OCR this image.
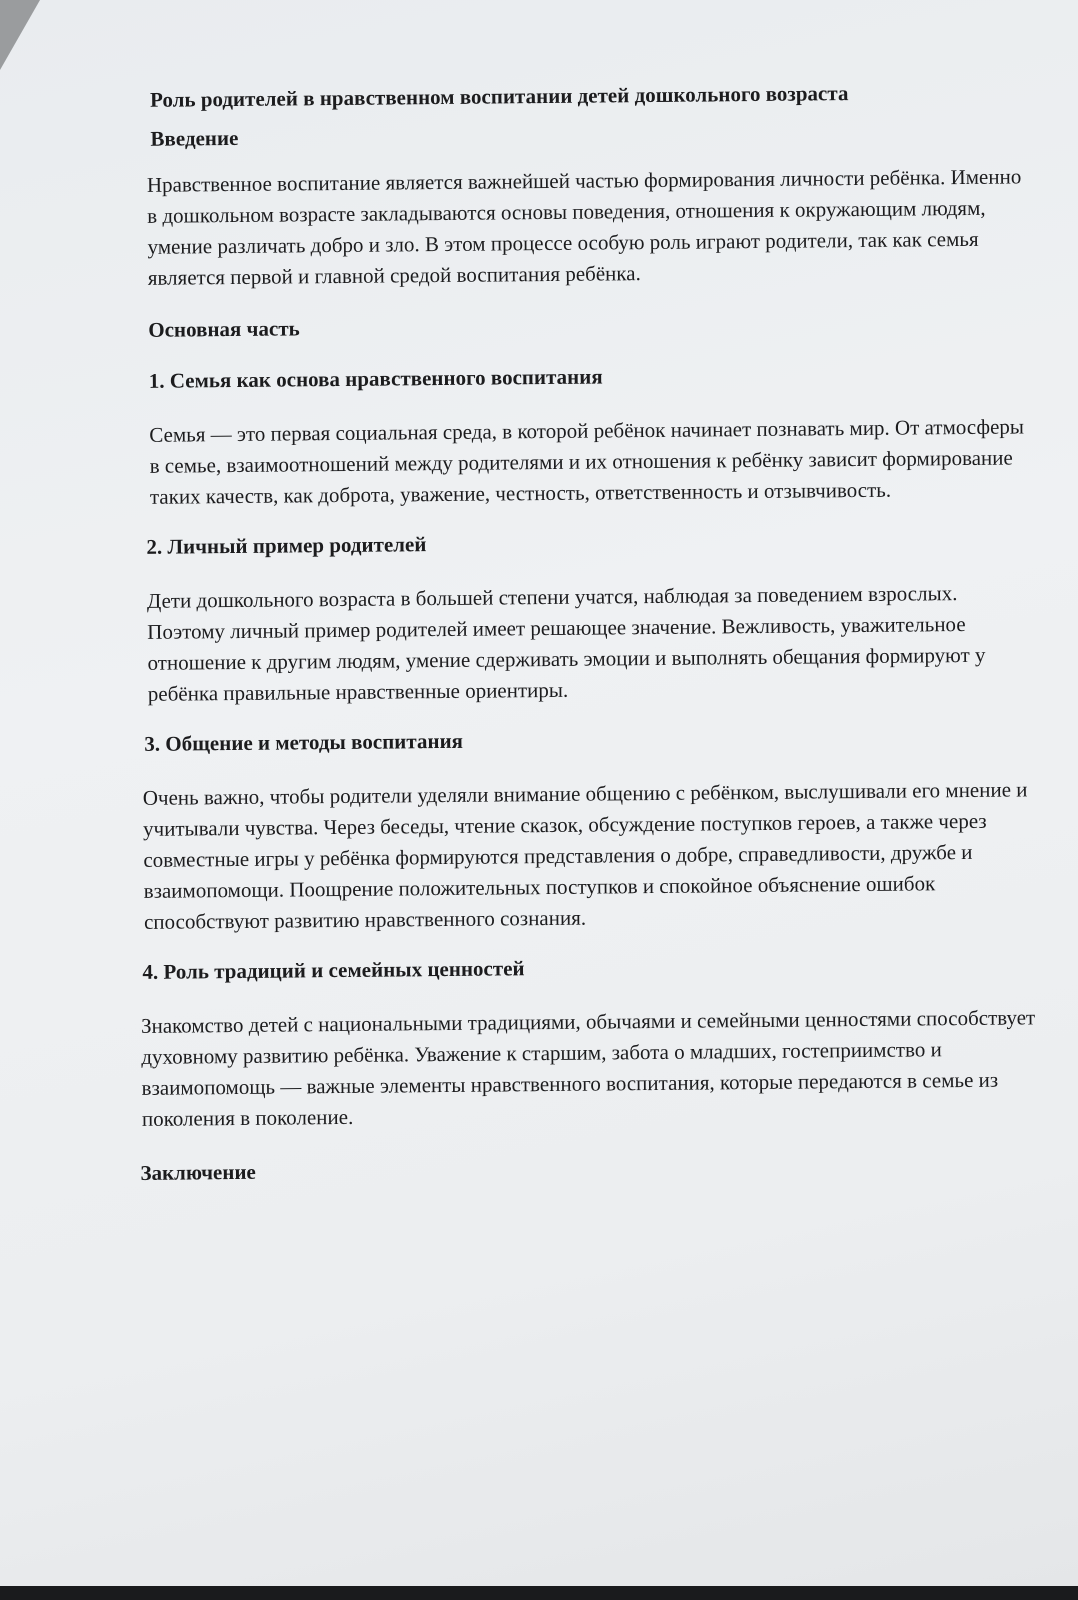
Роль родителей в нравственном воспитании детей дошкольного возраста
Введение

Нравственное воспитание является важнейшей частью формирования личности ребёнка. Именно в дошкольном возрасте закладываются основы поведения, отношения к окружающим людям, умение различать добро и зло. В этом процессе особую роль играют родители, так как семья является первой и главной средой воспитания ребёнка.

Основная часть
1. Семья как основа нравственного воспитания

Семья — это первая социальная среда, в которой ребёнок начинает познавать мир. От атмосферы в семье, взаимоотношений между родителями и их отношения к ребёнку зависит формирование таких качеств, как доброта, уважение, честность, ответственность и отзывчивость.

2. Личный пример родителей

Дети дошкольного возраста в большей степени учатся, наблюдая за поведением взрослых. Поэтому личный пример родителей имеет решающее значение. Вежливость, уважительное отношение к другим людям, умение сдерживать эмоции и выполнять обещания формируют у ребёнка правильные нравственные ориентиры.

3. Общение и методы воспитания

Очень важно, чтобы родители уделяли внимание общению с ребёнком, выслушивали его мнение и учитывали чувства. Через беседы, чтение сказок, обсуждение поступков героев, а также через совместные игры у ребёнка формируются представления о добре, справедливости, дружбе и взаимопомощи. Поощрение положительных поступков и спокойное объяснение ошибок способствуют развитию нравственного сознания.

4. Роль традиций и семейных ценностей

Знакомство детей с национальными традициями, обычаями и семейными ценностями способствует духовному развитию ребёнка. Уважение к старшим, забота о младших, гостеприимство и взаимопомощь — важные элементы нравственного воспитания, которые передаются в семье из поколения в поколение.

Заключение
